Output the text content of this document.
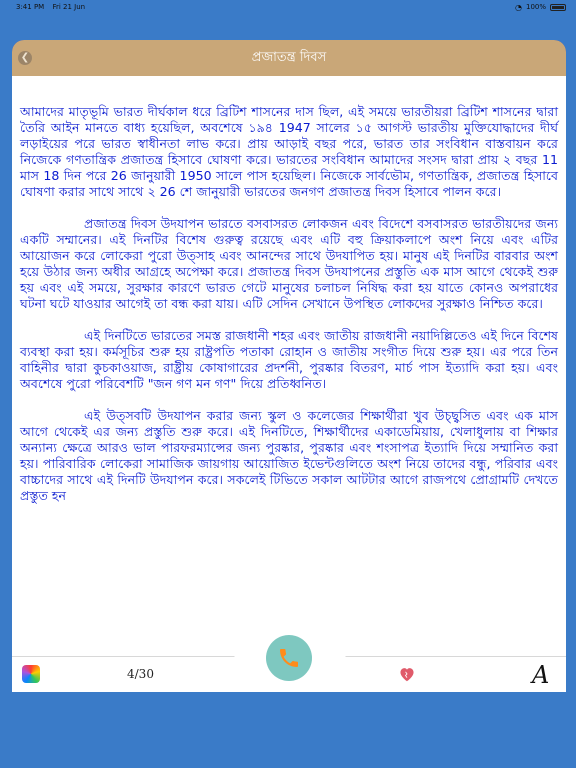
3:41 PM Fri 21 Jun	◔ 100%
❮	প্রজাতন্ত্র দিবস

আমাদের মাতৃভূমি ভারত দীর্ঘকাল ধরে ব্রিটিশ শাসনের দাস ছিল, এই সময়ে ভারতীয়রা ব্রিটিশ শাসনের দ্বারা তৈরি আইন মানতে বাধ্য হয়েছিল, অবশেষে ১৯৪ 1947 সালের ১৫ আগস্ট ভারতীয় মুক্তিযোদ্ধাদের দীর্ঘ লড়াইয়ের পরে ভারত স্বাধীনতা লাভ করে। প্রায় আড়াই বছর পরে, ভারত তার সংবিধান বাস্তবায়ন করে নিজেকে গণতান্ত্রিক প্রজাতন্ত্র হিসাবে ঘোষণা করে। ভারতের সংবিধান আমাদের সংসদ দ্বারা প্রায় ২ বছর 11 মাস 18 দিন পরে 26 জানুয়ারী 1950 সালে পাস হয়েছিল। নিজেকে সার্বভৌম, গণতান্ত্রিক, প্রজাতন্ত্র হিসাবে ঘোষণা করার সাথে সাথে ২ 26 শে জানুয়ারী ভারতের জনগণ প্রজাতন্ত্র দিবস হিসাবে পালন করে।

প্রজাতন্ত্র দিবস উদযাপন ভারতে বসবাসরত লোকজন এবং বিদেশে বসবাসরত ভারতীয়দের জন্য একটি সম্মানের। এই দিনটির বিশেষ গুরুত্ব রয়েছে এবং এটি বহু ক্রিয়াকলাপে অংশ নিয়ে এবং এটির আয়োজন করে লোকেরা পুরো উত্সাহ এবং আনন্দের সাথে উদযাপিত হয়। মানুষ এই দিনটির বারবার অংশ হয়ে উঠার জন্য অধীর আগ্রহে অপেক্ষা করে। প্রজাতন্ত্র দিবস উদযাপনের প্রস্তুতি এক মাস আগে থেকেই শুরু হয় এবং এই সময়ে, সুরক্ষার কারণে ভারত গেটে মানুষের চলাচল নিষিদ্ধ করা হয় যাতে কোনও অপরাধের ঘটনা ঘটে যাওয়ার আগেই তা বন্ধ করা যায়। এটি সেদিন সেখানে উপস্থিত লোকদের সুরক্ষাও নিশ্চিত করে।

এই দিনটিতে ভারতের সমস্ত রাজধানী শহর এবং জাতীয় রাজধানী নয়াদিল্লিতেও এই দিনে বিশেষ ব্যবস্থা করা হয়। কর্মসূচির শুরু হয় রাষ্ট্রপতি পতাকা রোহান ও জাতীয় সংগীত দিয়ে শুরু হয়। এর পরে তিন বাহিনীর দ্বারা কুচকাওয়াজ, রাষ্ট্রীয় কোষাগারের প্রদর্শনী, পুরষ্কার বিতরণ, মার্চ পাস ইত্যাদি করা হয়। এবং অবশেষে পুরো পরিবেশটি "জন গণ মন গণ" দিয়ে প্রতিধ্বনিত।

এই উত্সবটি উদযাপন করার জন্য স্কুল ও কলেজের শিক্ষার্থীরা খুব উচ্ছ্বসিত এবং এক মাস আগে থেকেই এর জন্য প্রস্তুতি শুরু করে। এই দিনটিতে, শিক্ষার্থীদের একাডেমিয়ায়, খেলাধুলায় বা শিক্ষার অন্যান্য ক্ষেত্রে আরও ভাল পারফরম্যান্সের জন্য পুরষ্কার, পুরষ্কার এবং শংসাপত্র ইত্যাদি দিয়ে সম্মানিত করা হয়। পারিবারিক লোকেরা সামাজিক জায়গায় আয়োজিত ইভেন্টগুলিতে অংশ নিয়ে তাদের বন্ধু, পরিবার এবং বাচ্চাদের সাথে এই দিনটি উদযাপন করে। সকলেই টিভিতে সকাল আটটার আগে রাজপথে প্রোগ্রামটি দেখতে প্রস্তুত হন

4/30	A
